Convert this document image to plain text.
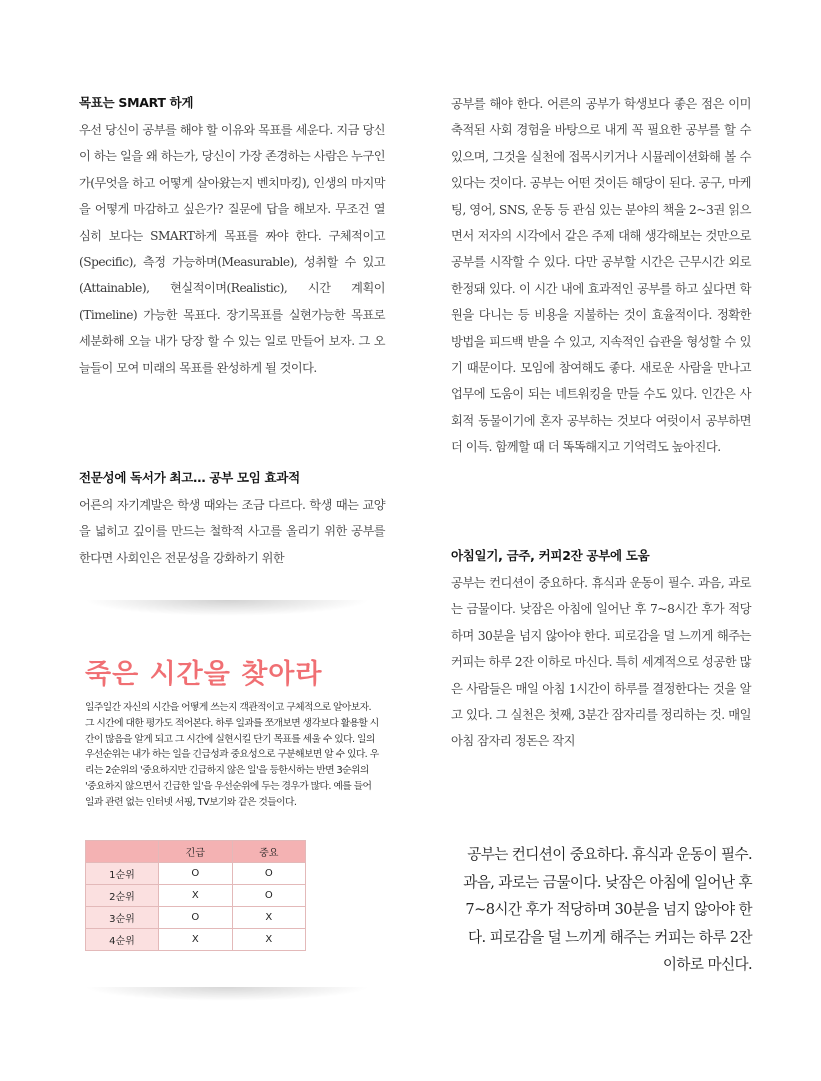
목표는 SMART 하게

우선 당신이 공부를 해야 할 이유와 목표를 세운다. 지금 당신이 하는 일을 왜 하는가, 당신이 가장 존경하는 사람은 누구인가(무엇을 하고 어떻게 살아왔는지 벤치마킹), 인생의 마지막을 어떻게 마감하고 싶은가? 질문에 답을 해보자. 무조건 열심히 보다는 SMART하게 목표를 짜야 한다. 구체적이고(Specific), 측정 가능하며(Measurable), 성취할 수 있고(Attainable), 현실적이며(Realistic), 시간 계획이(Timeline) 가능한 목표다. 장기목표를 실현가능한 목표로 세분화해 오늘 내가 당장 할 수 있는 일로 만들어 보자. 그 오늘들이 모여 미래의 목표를 완성하게 될 것이다.

전문성에 독서가 최고… 공부 모임 효과적

어른의 자기계발은 학생 때와는 조금 다르다. 학생 때는 교양을 넓히고 깊이를 만드는 철학적 사고를 올리기 위한 공부를 한다면 사회인은 전문성을 강화하기 위한

죽은 시간을 찾아라

일주일간 자신의 시간을 어떻게 쓰는지 객관적이고 구체적으로 알아보자. 그 시간에 대한 평가도 적어본다. 하루 일과를 쪼개보면 생각보다 활용할 시간이 많음을 알게 되고 그 시간에 실현시킬 단기 목표를 세울 수 있다. 일의 우선순위는 내가 하는 일을 긴급성과 중요성으로 구분해보면 알 수 있다. 우리는 2순위의 '중요하지만 긴급하지 않은 일'을 등한시하는 반면 3순위의 '중요하지 않으면서 긴급한 일'을 우선순위에 두는 경우가 많다. 예를 들어 일과 관련 없는 인터넷 서핑, TV보기와 같은 것들이다.

	긴급	중요
1순위	O	O
2순위	X	O
3순위	O	X
4순위	X	X

공부를 해야 한다. 어른의 공부가 학생보다 좋은 점은 이미 축적된 사회 경험을 바탕으로 내게 꼭 필요한 공부를 할 수 있으며, 그것을 실천에 접목시키거나 시뮬레이션화해 볼 수 있다는 것이다. 공부는 어떤 것이든 해당이 된다. 공구, 마케팅, 영어, SNS, 운동 등 관심 있는 분야의 책을 2~3권 읽으면서 저자의 시각에서 같은 주제 대해 생각해보는 것만으로 공부를 시작할 수 있다. 다만 공부할 시간은 근무시간 외로 한정돼 있다. 이 시간 내에 효과적인 공부를 하고 싶다면 학원을 다니는 등 비용을 지불하는 것이 효율적이다. 정확한 방법을 피드백 받을 수 있고, 지속적인 습관을 형성할 수 있기 때문이다. 모임에 참여해도 좋다. 새로운 사람을 만나고 업무에 도움이 되는 네트워킹을 만들 수도 있다. 인간은 사회적 동물이기에 혼자 공부하는 것보다 여럿이서 공부하면 더 이득. 함께할 때 더 똑똑해지고 기억력도 높아진다.

아침일기, 금주, 커피2잔 공부에 도움

공부는 컨디션이 중요하다. 휴식과 운동이 필수. 과음, 과로는 금물이다. 낮잠은 아침에 일어난 후 7~8시간 후가 적당하며 30분을 넘지 않아야 한다. 피로감을 덜 느끼게 해주는 커피는 하루 2잔 이하로 마신다. 특히 세계적으로 성공한 많은 사람들은 매일 아침 1시간이 하루를 결정한다는 것을 알고 있다. 그 실천은 첫째, 3분간 잠자리를 정리하는 것. 매일 아침 잠자리 정돈은 작지

공부는 컨디션이 중요하다. 휴식과 운동이 필수. 과음, 과로는 금물이다. 낮잠은 아침에 일어난 후 7~8시간 후가 적당하며 30분을 넘지 않아야 한다. 피로감을 덜 느끼게 해주는 커피는 하루 2잔 이하로 마신다.
